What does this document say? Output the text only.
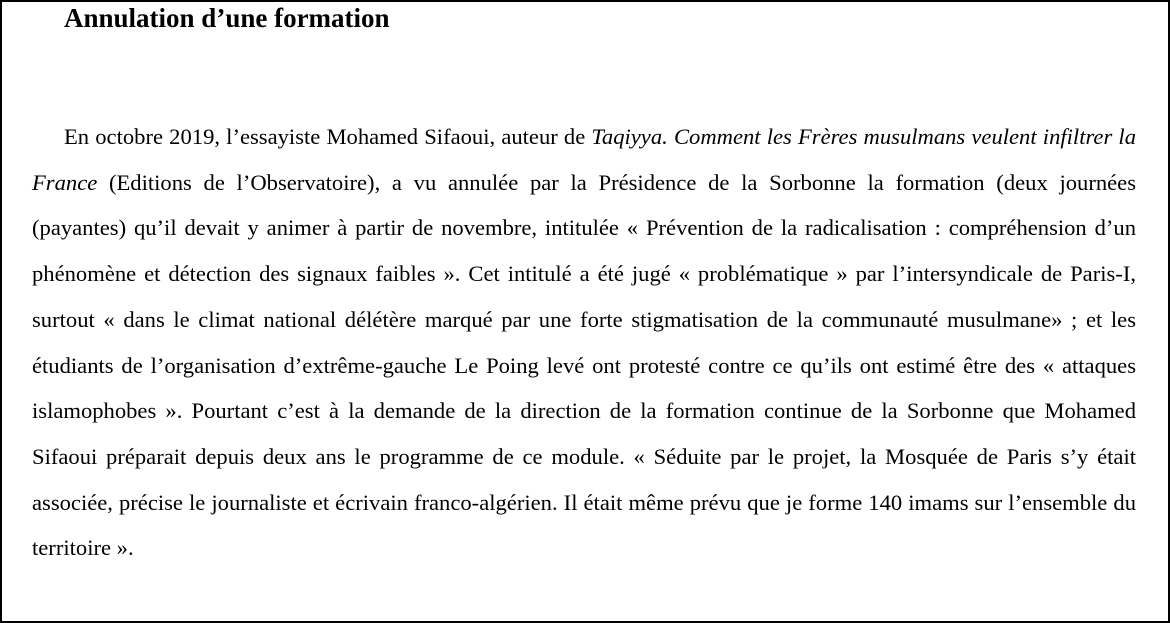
Annulation d’une formation

En octobre 2019, l’essayiste Mohamed Sifaoui, auteur de Taqiyya. Comment les Frères musulmans veulent infiltrer la France (Editions de l’Observatoire), a vu annulée par la Présidence de la Sorbonne la formation (deux journées (payantes) qu’il devait y animer à partir de novembre, intitulée « Prévention de la radicalisation : compréhension d’un phénomène et détection des signaux faibles ». Cet intitulé a été jugé « problématique » par l’intersyndicale de Paris-I, surtout « dans le climat national délétère marqué par une forte stigmatisation de la communauté musulmane» ; et les étudiants de l’organisation d’extrême-gauche Le Poing levé ont protesté contre ce qu’ils ont estimé être des « attaques islamophobes ». Pourtant c’est à la demande de la direction de la formation continue de la Sorbonne que Mohamed Sifaoui préparait depuis deux ans le programme de ce module. « Séduite par le projet, la Mosquée de Paris s’y était associée, précise le journaliste et écrivain franco-algérien. Il était même prévu que je forme 140 imams sur l’ensemble du territoire ».
